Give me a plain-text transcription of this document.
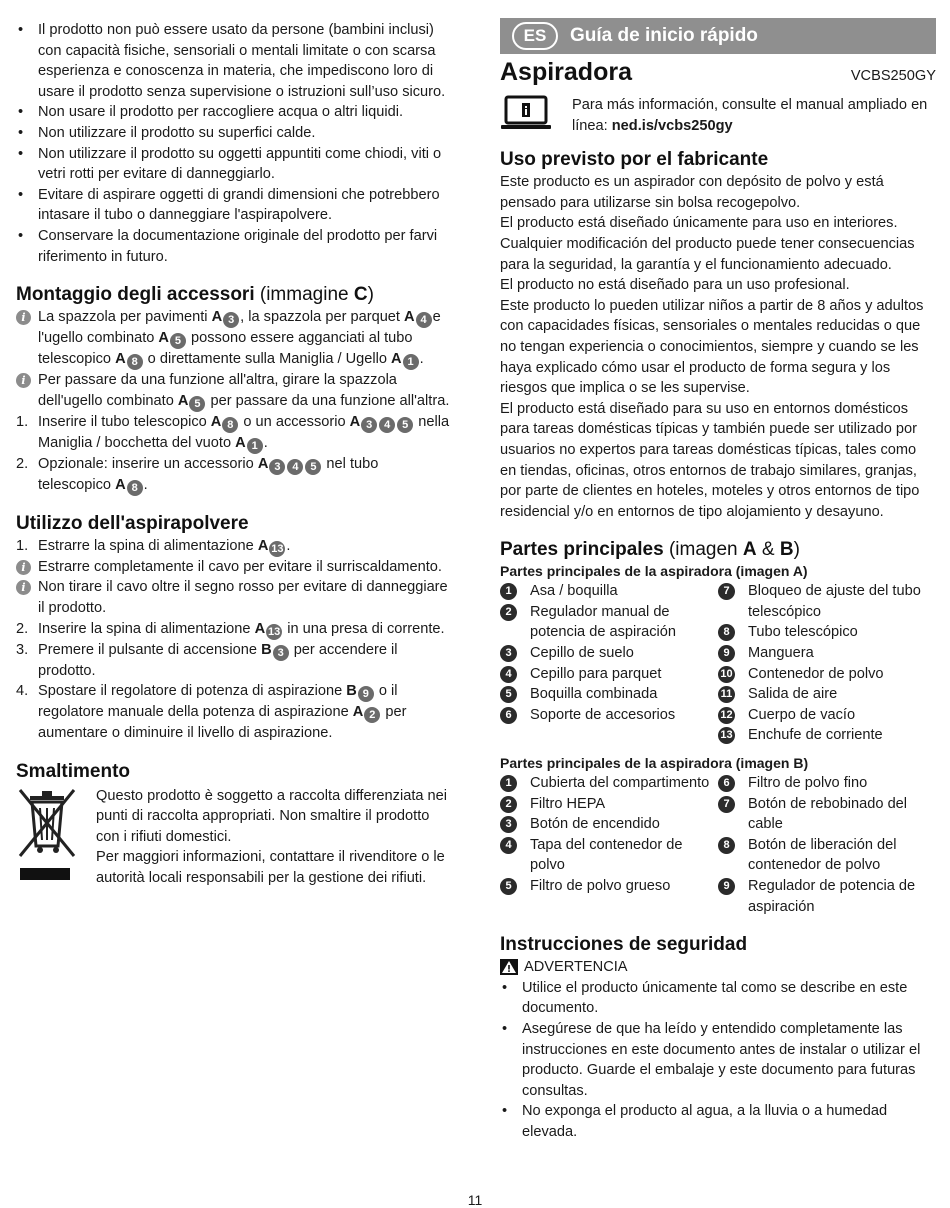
• Il prodotto non può essere usato da persone (bambini inclusi) con capacità fisiche, sensoriali o mentali limitate o con scarsa esperienza e conoscenza in materia, che impediscono loro di usare il prodotto senza supervisione o istruzioni sull’uso sicuro.
• Non usare il prodotto per raccogliere acqua o altri liquidi.
• Non utilizzare il prodotto su superfici calde.
• Non utilizzare il prodotto su oggetti appuntiti come chiodi, viti o vetri rotti per evitare di danneggiarlo.
• Evitare di aspirare oggetti di grandi dimensioni che potrebbero intasare il tubo o danneggiare l'aspirapolvere.
• Conservare la documentazione originale del prodotto per farvi riferimento in futuro.
Montaggio degli accessori (immagine C)
i La spazzola per pavimenti A 3 , la spazzola per parquet A 4 e l'ugello combinato A 5 possono essere agganciati al tubo telescopico A 8 o direttamente sulla Maniglia / Ugello A 1 .
i Per passare da una funzione all'altra, girare la spazzola dell'ugello combinato A 5 per passare da una funzione all'altra.
1. Inserire il tubo telescopico A 8 o un accessorio A 3 4 5 nella Maniglia / bocchetta del vuoto A 1 .
2. Opzionale: inserire un accessorio A 3 4 5 nel tubo telescopico A 8 .
Utilizzo dell'aspirapolvere
1. Estrarre la spina di alimentazione A 13 .
i Estrarre completamente il cavo per evitare il surriscaldamento.
i Non tirare il cavo oltre il segno rosso per evitare di danneggiare il prodotto.
2. Inserire la spina di alimentazione A 13 in una presa di corrente.
3. Premere il pulsante di accensione B 3 per accendere il prodotto.
4. Spostare il regolatore di potenza di aspirazione B 9 o il regolatore manuale della potenza di aspirazione A 2 per aumentare o diminuire il livello di aspirazione.
Smaltimento

Questo prodotto è soggetto a raccolta differenziata nei punti di raccolta appropriati. Non smaltire il prodotto con i rifiuti domestici.

Per maggiori informazioni, contattare il rivenditore o le autorità locali responsabili per la gestione dei rifiuti.

ES	Guía de inicio rápido
Aspiradora	VCBS250GY

Para más información, consulte el manual ampliado en línea: ned.is/vcbs250gy

Uso previsto por el fabricante

Este producto es un aspirador con depósito de polvo y está pensado para utilizarse sin bolsa recogepolvo.

El producto está diseñado únicamente para uso en interiores.

Cualquier modificación del producto puede tener consecuencias para la seguridad, la garantía y el funcionamiento adecuado.

El producto no está diseñado para un uso profesional.

Este producto lo pueden utilizar niños a partir de 8 años y adultos con capacidades físicas, sensoriales o mentales reducidas o que no tengan experiencia o conocimientos, siempre y cuando se les haya explicado cómo usar el producto de forma segura y los riesgos que implica o se les supervise.

El producto está diseñado para su uso en entornos domésticos para tareas domésticas típicas y también puede ser utilizado por usuarios no expertos para tareas domésticas típicas, tales como en tiendas, oficinas, otros entornos de trabajo similares, granjas, por parte de clientes en hoteles, moteles y otros entornos de tipo residencial y/o en entornos de tipo alojamiento y desayuno.

Partes principales (imagen A & B)
Partes principales de la aspiradora (imagen A)
1	Asa / boquilla
2	Regulador manual de potencia de aspiración
3	Cepillo de suelo
4	Cepillo para parquet
5	Boquilla combinada
6	Soporte de accesorios
7	Bloqueo de ajuste del tubo telescópico
8	Tubo telescópico
9	Manguera
10 Contenedor de polvo
11 Salida de aire
12 Cuerpo de vacío
13 Enchufe de corriente
Partes principales de la aspiradora (imagen B)
1	Cubierta del compartimento
2	Filtro HEPA
3	Botón de encendido
4	Tapa del contenedor de polvo
5	Filtro de polvo grueso
6	Filtro de polvo fino
7	Botón de rebobinado del cable
8	Botón de liberación del contenedor de polvo
9	Regulador de potencia de aspiración
Instrucciones de seguridad
ADVERTENCIA
• Utilice el producto únicamente tal como se describe en este documento.
• Asegúrese de que ha leído y entendido completamente las instrucciones en este documento antes de instalar o utilizar el producto. Guarde el embalaje y este documento para futuras consultas.
• No exponga el producto al agua, a la lluvia o a humedad elevada.
11
